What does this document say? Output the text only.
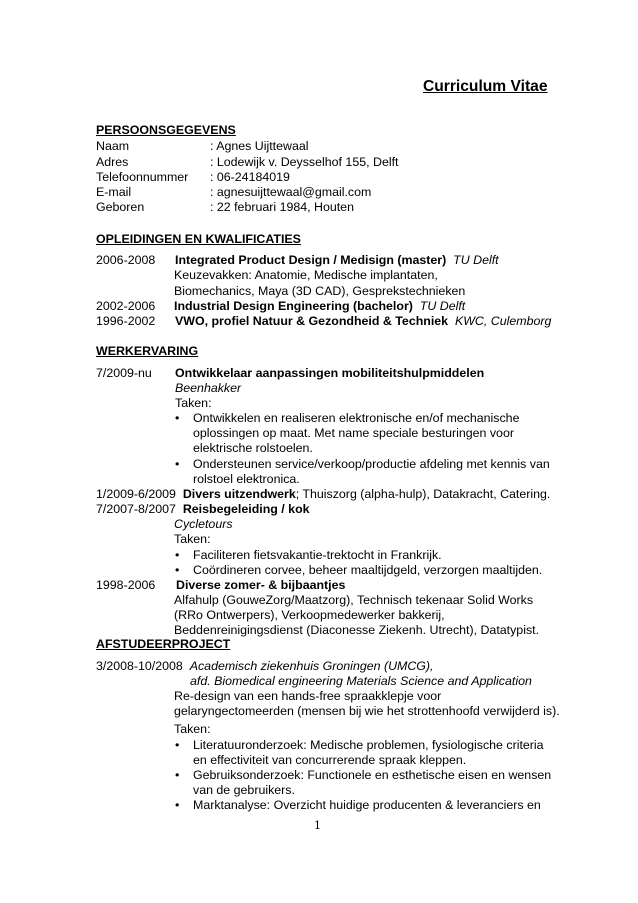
Curriculum Vitae
PERSOONSGEGEVENS
Naam	: Agnes Uijttewaal
Adres	: Lodewijk v. Deysselhof 155, Delft
Telefoonnummer : 06-24184019
E-mail	: agnesuijttewaal@gmail.com
Geboren	: 22 februari 1984, Houten
OPLEIDINGEN EN KWALIFICATIES
2006-2008 Integrated Product Design / Medisign (master) TU Delft
Keuzevakken: Anatomie, Medische implantaten,
Biomechanics, Maya (3D CAD), Gesprekstechnieken
2002-2006 Industrial Design Engineering (bachelor) TU Delft
1996-2002 VWO, profiel Natuur & Gezondheid & Techniek KWC, Culemborg
WERKERVARING
7/2009-nu Ontwikkelaar aanpassingen mobiliteitshulpmiddelen
Beenhakker
Taken:
• Ontwikkelen en realiseren elektronische en/of mechanische
oplossingen op maat. Met name speciale besturingen voor
elektrische rolstoelen.
• Ondersteunen service/verkoop/productie afdeling met kennis van
rolstoel elektronica.
1/2009-6/2009 Divers uitzendwerk; Thuiszorg (alpha-hulp), Datakracht, Catering.
7/2007-8/2007 Reisbegeleiding / kok
Cycletours
Taken:
• Faciliteren fietsvakantie-trektocht in Frankrijk.
• Coördineren corvee, beheer maaltijdgeld, verzorgen maaltijden.
1998-2006 Diverse zomer- & bijbaantjes
Alfahulp (GouweZorg/Maatzorg), Technisch tekenaar Solid Works
(RRo Ontwerpers), Verkoopmedewerker bakkerij,
Beddenreinigingsdienst (Diaconesse Ziekenh. Utrecht), Datatypist.
AFSTUDEERPROJECT
3/2008-10/2008 Academisch ziekenhuis Groningen (UMCG),
afd. Biomedical engineering Materials Science and Application
Re-design van een hands-free spraakklepje voor
gelaryngectomeerden (mensen bij wie het strottenhoofd verwijderd is).
Taken:
• Literatuuronderzoek: Medische problemen, fysiologische criteria
en effectiviteit van concurrerende spraak kleppen.
• Gebruiksonderzoek: Functionele en esthetische eisen en wensen
van de gebruikers.
• Marktanalyse: Overzicht huidige producenten & leveranciers en
1
